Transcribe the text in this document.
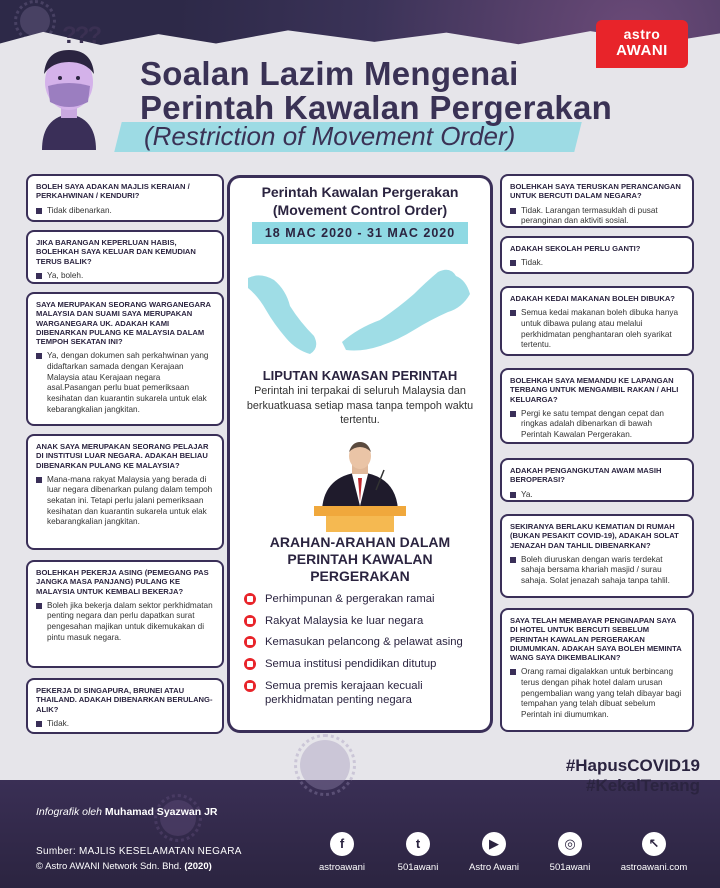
???	astro
AWANI
Soalan Lazim Mengenai
Perintah Kawalan Pergerakan
(Restriction of Movement Order)
BOLEH SAYA ADAKAN MAJLIS KERAIAN / PERKAHWINAN / KENDURI?
Tidak dibenarkan.
JIKA BARANGAN KEPERLUAN HABIS, BOLEHKAH SAYA KELUAR DAN KEMUDIAN TERUS BALIK?
Ya, boleh.
SAYA MERUPAKAN SEORANG WARGANEGARA MALAYSIA DAN SUAMI SAYA MERUPAKAN WARGANEGARA UK. ADAKAH KAMI DIBENARKAN PULANG KE MALAYSIA DALAM TEMPOH SEKATAN INI?
Ya, dengan dokumen sah perkahwinan yang didaftarkan samada dengan Kerajaan Malaysia atau Kerajaan negara asal.Pasangan perlu buat pemeriksaan kesihatan dan kuarantin sukarela untuk elak kebarangkalian jangkitan.
ANAK SAYA MERUPAKAN SEORANG PELAJAR DI INSTITUSI LUAR NEGARA. ADAKAH BELIAU DIBENARKAN PULANG KE MALAYSIA?
Mana-mana rakyat Malaysia yang berada di luar negara dibenarkan pulang dalam tempoh sekatan ini. Tetapi perlu jalani pemeriksaan kesihatan dan kuarantin sukarela untuk elak kebarangkalian jangkitan.
BOLEHKAH PEKERJA ASING (PEMEGANG PAS JANGKA MASA PANJANG) PULANG KE MALAYSIA UNTUK KEMBALI BEKERJA?
Boleh jika bekerja dalam sektor perkhidmatan penting negara dan perlu dapatkan surat pengesahan majikan untuk dikemukakan di pintu masuk negara.
PEKERJA DI SINGAPURA, BRUNEI ATAU THAILAND. ADAKAH DIBENARKAN BERULANG-ALIK?
Tidak.
Perintah Kawalan Pergerakan
(Movement Control Order)
18 MAC 2020 - 31 MAC 2020
LIPUTAN KAWASAN PERINTAH
Perintah ini terpakai di seluruh Malaysia dan berkuatkuasa setiap masa tanpa tempoh waktu tertentu.
ARAHAN-ARAHAN DALAM
PERINTAH KAWALAN
PERGERAKAN
Perhimpunan & pergerakan ramai
Rakyat Malaysia ke luar negara
Kemasukan pelancong & pelawat asing
Semua institusi pendidikan ditutup
Semua premis kerajaan kecuali perkhidmatan penting negara
BOLEHKAH SAYA TERUSKAN PERANCANGAN UNTUK BERCUTI DALAM NEGARA?
Tidak. Larangan termasuklah di pusat peranginan dan aktiviti sosial.
ADAKAH SEKOLAH PERLU GANTI?
Tidak.
ADAKAH KEDAI MAKANAN BOLEH DIBUKA?
Semua kedai makanan boleh dibuka hanya untuk dibawa pulang atau melalui perkhidmatan penghantaran oleh syarikat tertentu.
BOLEHKAH SAYA MEMANDU KE LAPANGAN TERBANG UNTUK MENGAMBIL RAKAN / AHLI KELUARGA?
Pergi ke satu tempat dengan cepat dan ringkas adalah dibenarkan di bawah Perintah Kawalan Pergerakan.
ADAKAH PENGANGKUTAN AWAM MASIH BEROPERASI?
Ya.
SEKIRANYA BERLAKU KEMATIAN DI RUMAH (BUKAN PESAKIT COVID-19), ADAKAH SOLAT JENAZAH DAN TAHLIL DIBENARKAN?
Boleh diuruskan dengan waris terdekat sahaja bersama khariah masjid / surau sahaja. Solat jenazah sahaja tanpa tahlil.
SAYA TELAH MEMBAYAR PENGINAPAN SAYA DI HOTEL UNTUK BERCUTI SEBELUM PERINTAH KAWALAN PERGERAKAN DIUMUMKAN. ADAKAH SAYA BOLEH MEMINTA WANG SAYA DIKEMBALIKAN?
Orang ramai digalakkan untuk berbincang terus dengan pihak hotel dalam urusan pengembalian wang yang telah dibayar bagi tempahan yang telah dibuat sebelum Perintah ini diumumkan.
#HapusCOVID19
#KekalTenang
Infografik oleh Muhamad Syazwan JR
Sumber: MAJLIS KESELAMATAN NEGARA
© Astro AWANI Network Sdn. Bhd. (2020)
f
astroawani
t
501awani
▶
Astro Awani
◎
501awani
↖
astroawani.com
